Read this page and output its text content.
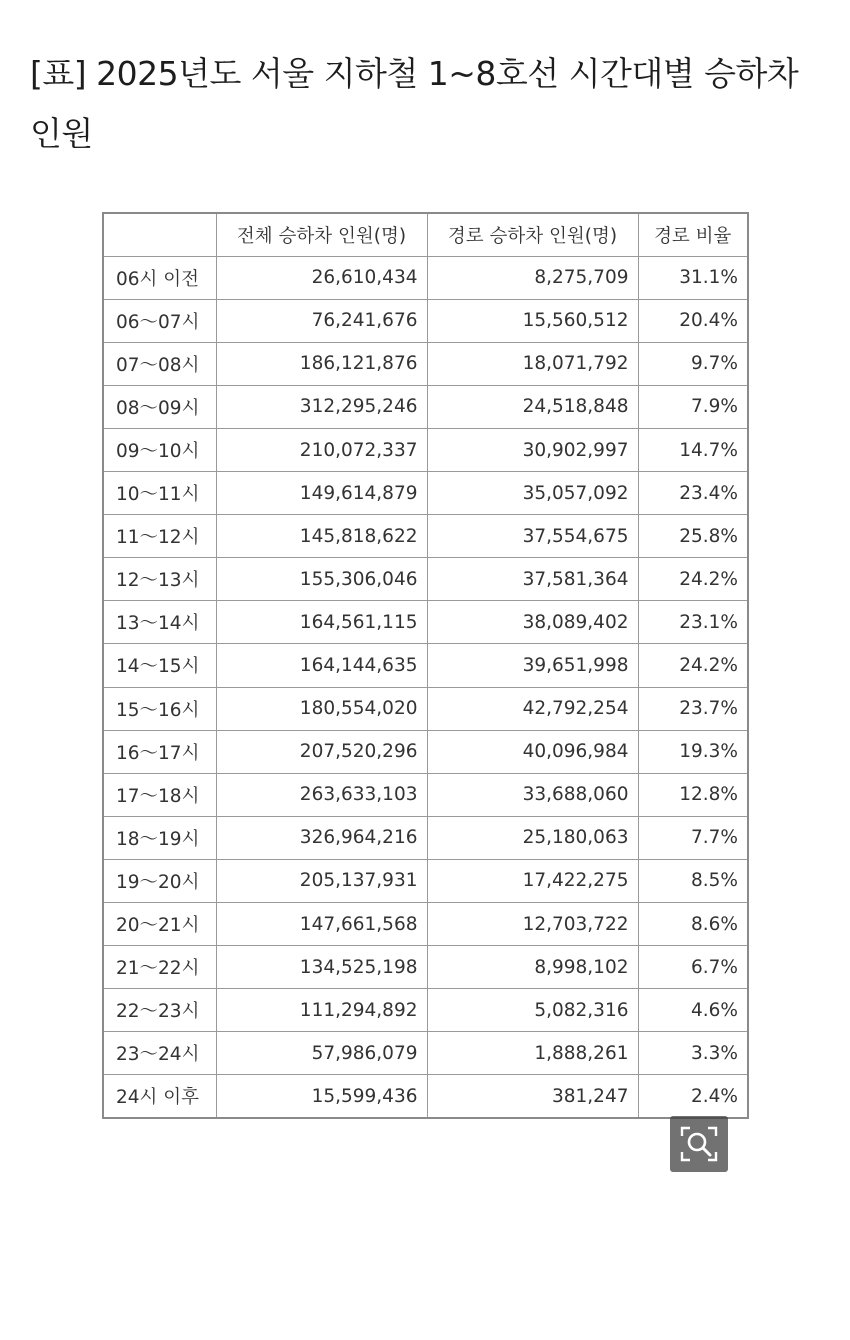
[표] 2025년도 서울 지하철 1~8호선 시간대별 승하차 인원
	전체 승하차 인원(명)	경로 승하차 인원(명)	경로 비율
06시 이전	26,610,434	8,275,709	31.1%
06～07시	76,241,676	15,560,512	20.4%
07～08시	186,121,876	18,071,792	9.7%
08～09시	312,295,246	24,518,848	7.9%
09～10시	210,072,337	30,902,997	14.7%
10～11시	149,614,879	35,057,092	23.4%
11～12시	145,818,622	37,554,675	25.8%
12～13시	155,306,046	37,581,364	24.2%
13～14시	164,561,115	38,089,402	23.1%
14～15시	164,144,635	39,651,998	24.2%
15～16시	180,554,020	42,792,254	23.7%
16～17시	207,520,296	40,096,984	19.3%
17～18시	263,633,103	33,688,060	12.8%
18～19시	326,964,216	25,180,063	7.7%
19～20시	205,137,931	17,422,275	8.5%
20～21시	147,661,568	12,703,722	8.6%
21～22시	134,525,198	8,998,102	6.7%
22～23시	111,294,892	5,082,316	4.6%
23～24시	57,986,079	1,888,261	3.3%
24시 이후	15,599,436	381,247	2.4%
